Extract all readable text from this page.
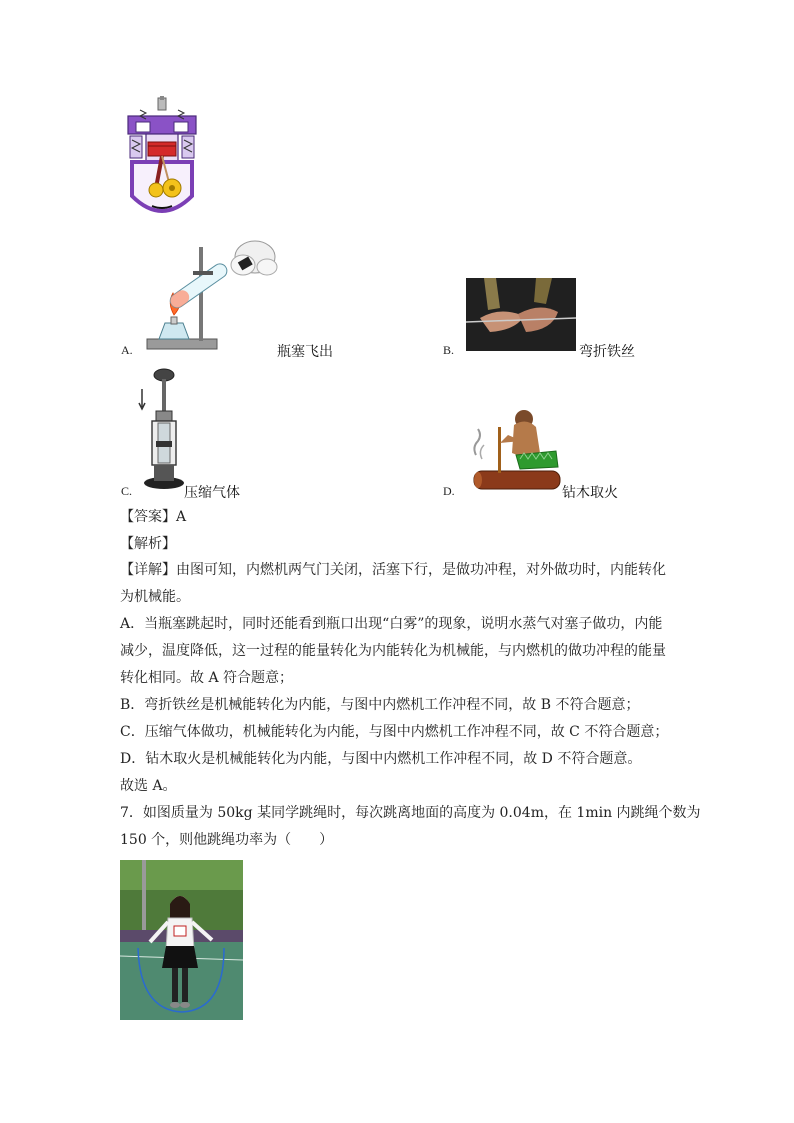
A.	瓶塞飞出	B.	弯折铁丝
C.	压缩气体	D.	钻木取火
【答案】A
【解析】
【详解】由图可知，内燃机两气门关闭，活塞下行，是做功冲程，对外做功时，内能转化
为机械能。
A．当瓶塞跳起时，同时还能看到瓶口出现“白雾”的现象，说明水蒸气对塞子做功，内能
减少，温度降低，这一过程的能量转化为内能转化为机械能，与内燃机的做功冲程的能量
转化相同。故 A 符合题意；
B．弯折铁丝是机械能转化为内能，与图中内燃机工作冲程不同，故 B 不符合题意；
C．压缩气体做功，机械能转化为内能，与图中内燃机工作冲程不同，故 C 不符合题意；
D．钻木取火是机械能转化为内能，与图中内燃机工作冲程不同，故 D 不符合题意。
故选 A。
7．如图质量为 50kg 某同学跳绳时，每次跳离地面的高度为 0.04m，在 1min 内跳绳个数为
150 个，则他跳绳功率为（　　）
